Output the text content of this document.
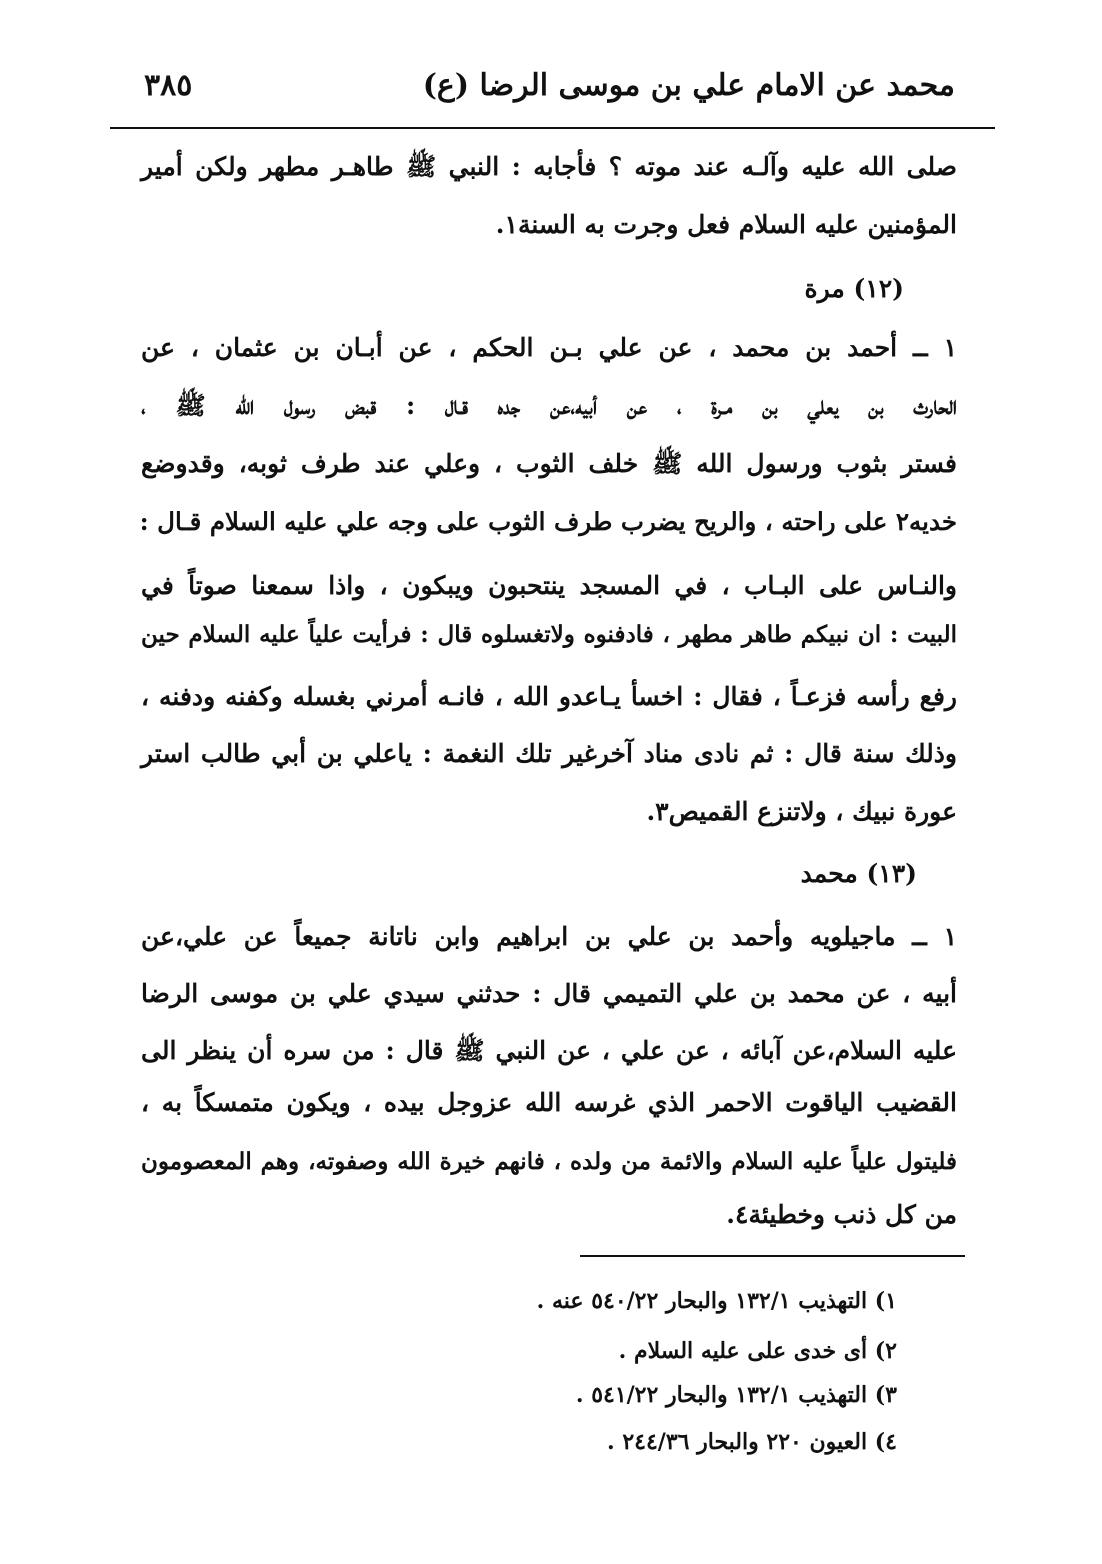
محمد عن الامام علي بن موسى الرضا (ع)
٣٨٥
صلى الله عليه وآلـه عند موته ؟ فأجابه : النبي ﷺ طاهـر مطهر ولكن أمير
المؤمنين عليه السلام فعل وجرت به السنة١.
(١٢) مرة
١ ــ أحمد بن محمد ، عن علي بـن الحكم ، عن أبـان بن عثمان ، عن
الحارث بن يعلي بن مـرة ، عن أبيه،عن جده قـال : قبض رسول الله ﷺ ،
فستر بثوب ورسول الله ﷺ خلف الثوب ، وعلي عند طرف ثوبه، وقدوضع
خديه٢ على راحته ، والريح يضرب طرف الثوب على وجه علي عليه السلام قـال :
والنـاس على البـاب ، في المسجد ينتحبون ويبكون ، واذا سمعنا صوتاً في
البيت : ان نبيكم طاهر مطهر ، فادفنوه ولاتغسلوه قال : فرأيت علياً عليه السلام حين
رفع رأسه فزعـاً ، فقال : اخسأ يـاعدو الله ، فانـه أمرني بغسله وكفنه ودفنه ،
وذلك سنة قال : ثم نادى مناد آخرغير تلك النغمة : ياعلي بن أبي طالب استر
عورة نبيك ، ولاتنزع القميص٣.
(١٣) محمد
١ ــ ماجيلويه وأحمد بن علي بن ابراهيم وابن ناتانة جميعاً عن علي،عن
أبيه ، عن محمد بن علي التميمي قال : حدثني سيدي علي بن موسى الرضا
عليه السلام،عن آبائه ، عن علي ، عن النبي ﷺ قال : من سره أن ينظر الى
القضيب الياقوت الاحمر الذي غرسه الله عزوجل بيده ، ويكون متمسكاً به ،
فليتول علياً عليه السلام والائمة من ولده ، فانهم خيرة الله وصفوته، وهم المعصومون
من كل ذنب وخطيئة٤.
١) التهذيب ١٣٢/١ والبحار ٥٤٠/٢٢ عنه .
٢) أى خدى على عليه السلام .
٣) التهذيب ١٣٢/١ والبحار ٥٤١/٢٢ .
٤) العيون ٢٢٠ والبحار ٢٤٤/٣٦ .
